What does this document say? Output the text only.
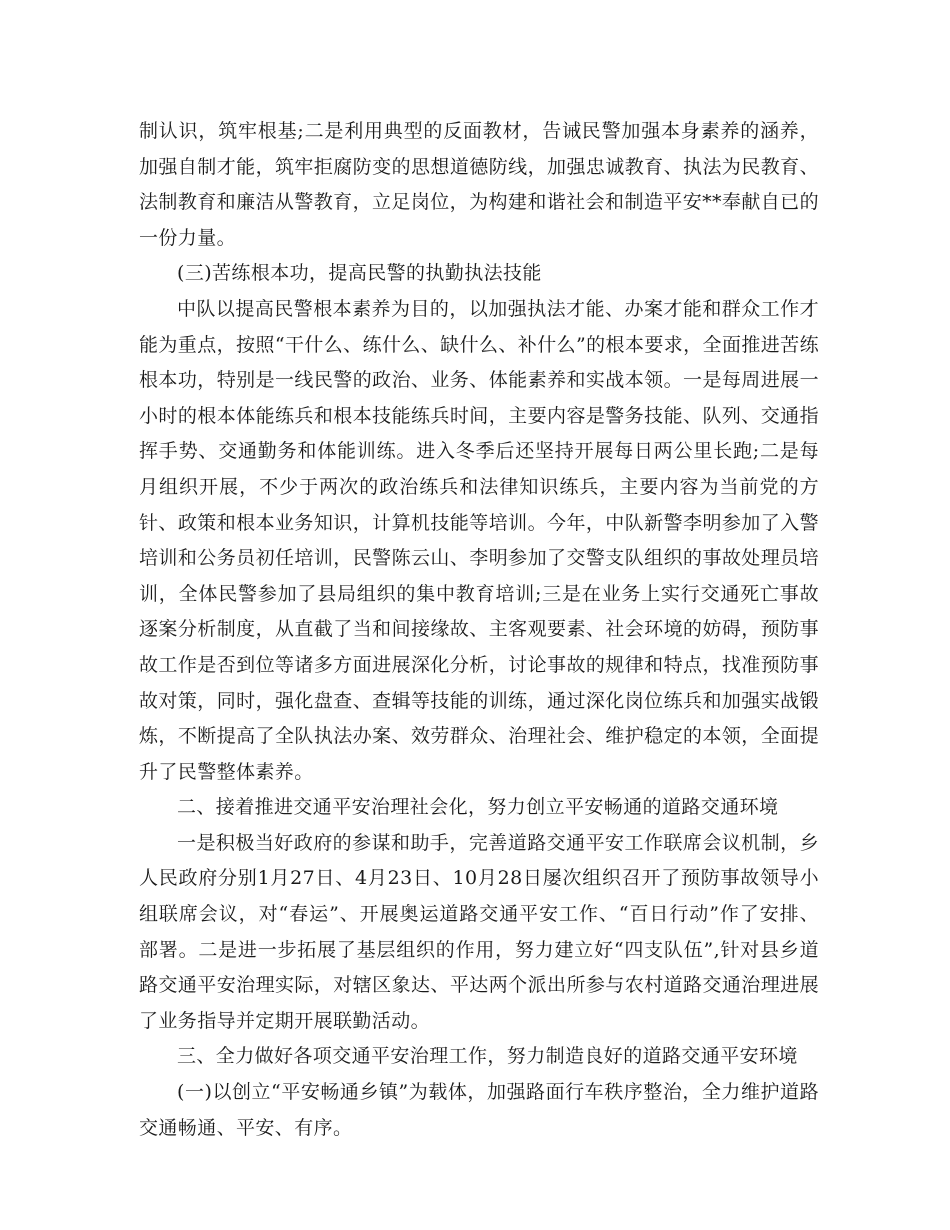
制认识，筑牢根基;二是利用典型的反面教材，告诫民警加强本身素养的涵养，加强自制才能，筑牢拒腐防变的思想道德防线，加强忠诚教育、执法为民教育、法制教育和廉洁从警教育，立足岗位，为构建和谐社会和制造平安**奉献自已的一份力量。

(三)苦练根本功，提高民警的执勤执法技能

中队以提高民警根本素养为目的，以加强执法才能、办案才能和群众工作才能为重点，按照“干什么、练什么、缺什么、补什么”的根本要求，全面推进苦练根本功，特别是一线民警的政治、业务、体能素养和实战本领。一是每周进展一小时的根本体能练兵和根本技能练兵时间，主要内容是警务技能、队列、交通指挥手势、交通勤务和体能训练。进入冬季后还坚持开展每日两公里长跑;二是每月组织开展，不少于两次的政治练兵和法律知识练兵，主要内容为当前党的方针、政策和根本业务知识，计算机技能等培训。今年，中队新警李明参加了入警培训和公务员初任培训，民警陈云山、李明参加了交警支队组织的事故处理员培训，全体民警参加了县局组织的集中教育培训;三是在业务上实行交通死亡事故逐案分析制度，从直截了当和间接缘故、主客观要素、社会环境的妨碍，预防事故工作是否到位等诸多方面进展深化分析，讨论事故的规律和特点，找准预防事故对策，同时，强化盘查、查辑等技能的训练，通过深化岗位练兵和加强实战锻炼，不断提高了全队执法办案、效劳群众、治理社会、维护稳定的本领，全面提升了民警整体素养。

二、接着推进交通平安治理社会化，努力创立平安畅通的道路交通环境

一是积极当好政府的参谋和助手，完善道路交通平安工作联席会议机制，乡人民政府分别1月27日、4月23日、10月28日屡次组织召开了预防事故领导小组联席会议，对“春运”、开展奥运道路交通平安工作、“百日行动”作了安排、部署。二是进一步拓展了基层组织的作用，努力建立好“四支队伍”,针对县乡道路交通平安治理实际，对辖区象达、平达两个派出所参与农村道路交通治理进展了业务指导并定期开展联勤活动。

三、全力做好各项交通平安治理工作，努力制造良好的道路交通平安环境

(一)以创立“平安畅通乡镇”为载体，加强路面行车秩序整治，全力维护道路交通畅通、平安、有序。
